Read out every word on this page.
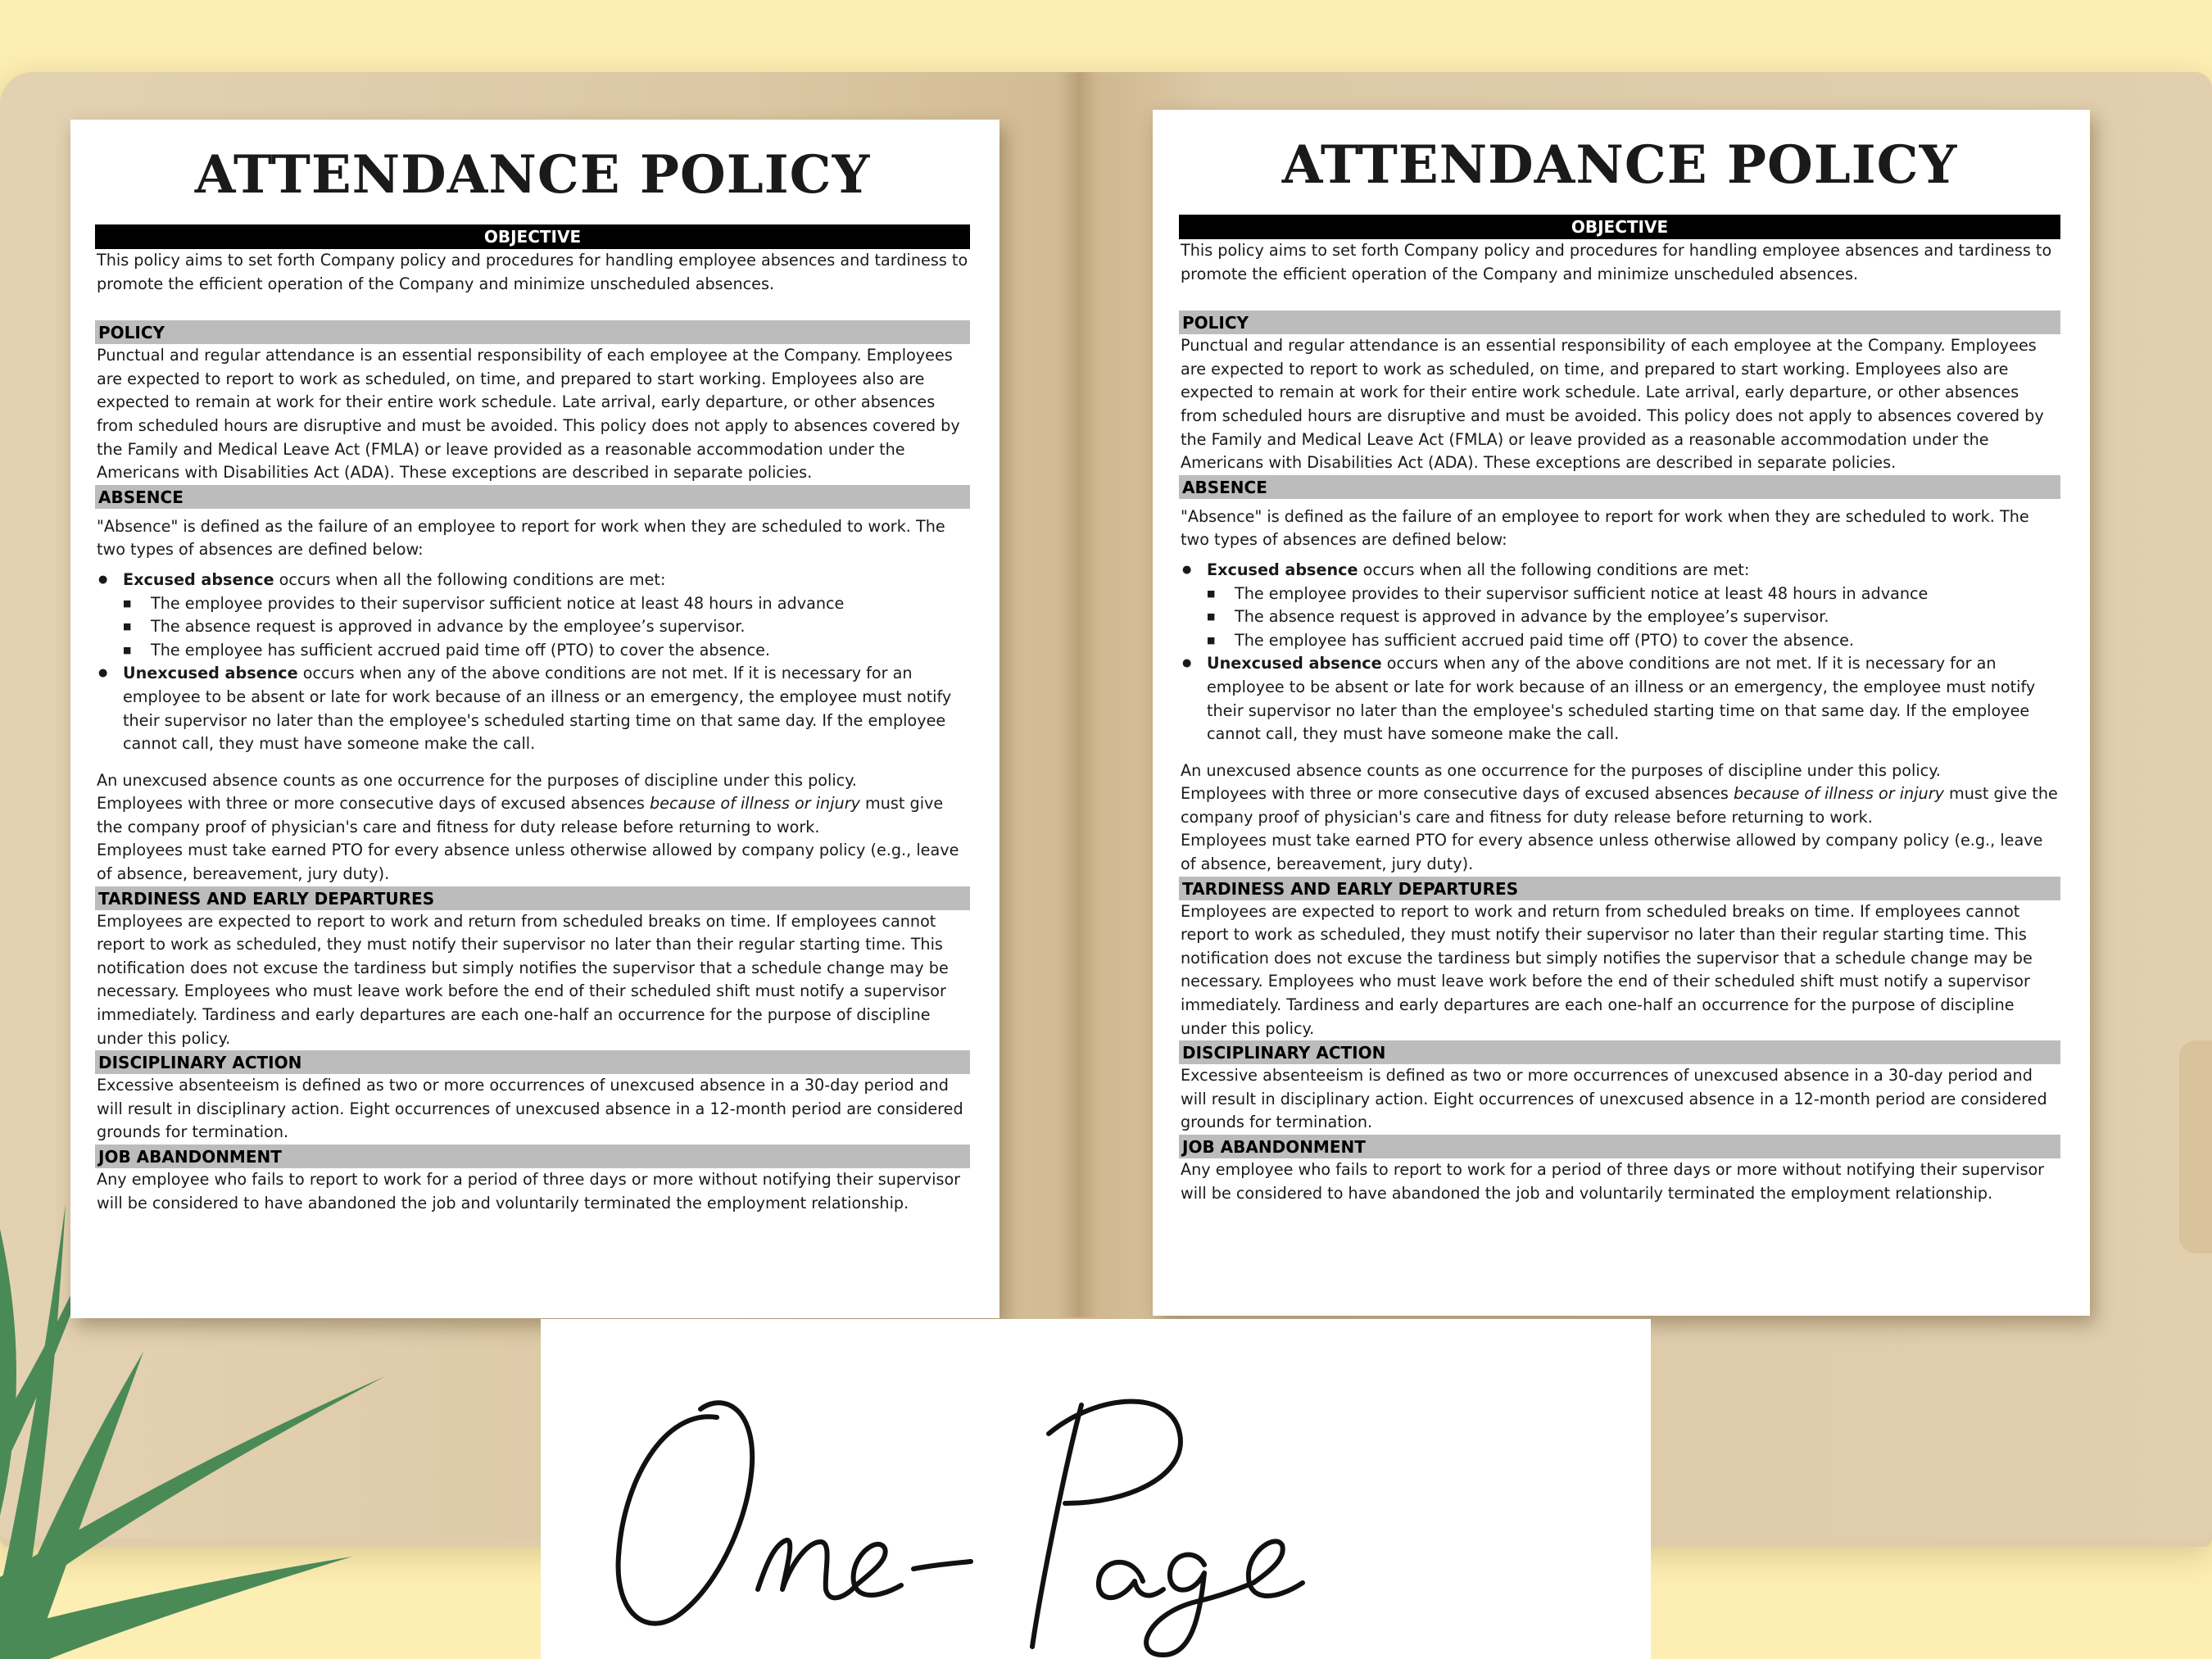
ATTENDANCE POLICY
OBJECTIVE
This policy aims to set forth Company policy and procedures for handling employee absences and tardiness to promote the efficient operation of the Company and minimize unscheduled absences.
POLICY
Punctual and regular attendance is an essential responsibility of each employee at the Company. Employees are expected to report to work as scheduled, on time, and prepared to start working. Employees also are expected to remain at work for their entire work schedule. Late arrival, early departure, or other absences from scheduled hours are disruptive and must be avoided. This policy does not apply to absences covered by the Family and Medical Leave Act (FMLA) or leave provided as a reasonable accommodation under the Americans with Disabilities Act (ADA). These exceptions are described in separate policies.
ABSENCE
"Absence" is defined as the failure of an employee to report for work when they are scheduled to work. The two types of absences are defined below:
● Excused absence occurs when all the following conditions are met:
■ The employee provides to their supervisor sufficient notice at least 48 hours in advance
■ The absence request is approved in advance by the employee’s supervisor.
■ The employee has sufficient accrued paid time off (PTO) to cover the absence.
● Unexcused absence occurs when any of the above conditions are not met. If it is necessary for an employee to be absent or late for work because of an illness or an emergency, the employee must notify their supervisor no later than the employee's scheduled starting time on that same day. If the employee cannot call, they must have someone make the call.
An unexcused absence counts as one occurrence for the purposes of discipline under this policy.
Employees with three or more consecutive days of excused absences because of illness or injury must give the company proof of physician's care and fitness for duty release before returning to work.
Employees must take earned PTO for every absence unless otherwise allowed by company policy (e.g., leave of absence, bereavement, jury duty).
TARDINESS AND EARLY DEPARTURES
Employees are expected to report to work and return from scheduled breaks on time. If employees cannot report to work as scheduled, they must notify their supervisor no later than their regular starting time. This notification does not excuse the tardiness but simply notifies the supervisor that a schedule change may be necessary. Employees who must leave work before the end of their scheduled shift must notify a supervisor immediately. Tardiness and early departures are each one-half an occurrence for the purpose of discipline under this policy.
DISCIPLINARY ACTION
Excessive absenteeism is defined as two or more occurrences of unexcused absence in a 30-day period and will result in disciplinary action. Eight occurrences of unexcused absence in a 12-month period are considered grounds for termination.
JOB ABANDONMENT
Any employee who fails to report to work for a period of three days or more without notifying their supervisor will be considered to have abandoned the job and voluntarily terminated the employment relationship.
ATTENDANCE POLICY
OBJECTIVE
This policy aims to set forth Company policy and procedures for handling employee absences and tardiness to promote the efficient operation of the Company and minimize unscheduled absences.
POLICY
Punctual and regular attendance is an essential responsibility of each employee at the Company. Employees are expected to report to work as scheduled, on time, and prepared to start working. Employees also are expected to remain at work for their entire work schedule. Late arrival, early departure, or other absences from scheduled hours are disruptive and must be avoided. This policy does not apply to absences covered by the Family and Medical Leave Act (FMLA) or leave provided as a reasonable accommodation under the Americans with Disabilities Act (ADA). These exceptions are described in separate policies.
ABSENCE
"Absence" is defined as the failure of an employee to report for work when they are scheduled to work. The two types of absences are defined below:
● Excused absence occurs when all the following conditions are met:
■ The employee provides to their supervisor sufficient notice at least 48 hours in advance
■ The absence request is approved in advance by the employee’s supervisor.
■ The employee has sufficient accrued paid time off (PTO) to cover the absence.
● Unexcused absence occurs when any of the above conditions are not met. If it is necessary for an employee to be absent or late for work because of an illness or an emergency, the employee must notify their supervisor no later than the employee's scheduled starting time on that same day. If the employee cannot call, they must have someone make the call.
An unexcused absence counts as one occurrence for the purposes of discipline under this policy.
Employees with three or more consecutive days of excused absences because of illness or injury must give the company proof of physician's care and fitness for duty release before returning to work.
Employees must take earned PTO for every absence unless otherwise allowed by company policy (e.g., leave of absence, bereavement, jury duty).
TARDINESS AND EARLY DEPARTURES
Employees are expected to report to work and return from scheduled breaks on time. If employees cannot report to work as scheduled, they must notify their supervisor no later than their regular starting time. This notification does not excuse the tardiness but simply notifies the supervisor that a schedule change may be necessary. Employees who must leave work before the end of their scheduled shift must notify a supervisor immediately. Tardiness and early departures are each one-half an occurrence for the purpose of discipline under this policy.
DISCIPLINARY ACTION
Excessive absenteeism is defined as two or more occurrences of unexcused absence in a 30-day period and will result in disciplinary action. Eight occurrences of unexcused absence in a 12-month period are considered grounds for termination.
JOB ABANDONMENT
Any employee who fails to report to work for a period of three days or more without notifying their supervisor will be considered to have abandoned the job and voluntarily terminated the employment relationship.
